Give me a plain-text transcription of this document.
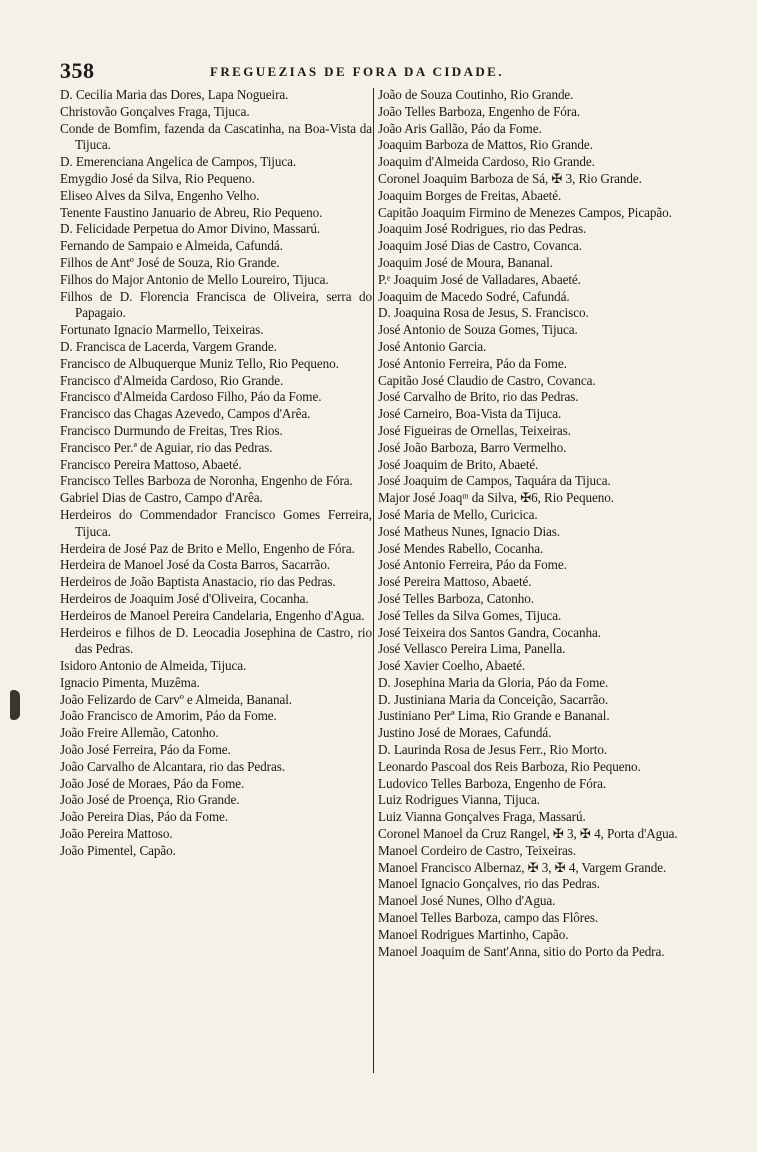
358	FREGUEZIAS DE FORA DA CIDADE.
D. Cecilia Maria das Dores, Lapa Nogueira.
Christovão Gonçalves Fraga, Tijuca.
Conde de Bomfim, fazenda da Cascatinha, na Boa-Vista da Tijuca.
D. Emerenciana Angelica de Campos, Tijuca.
Emygdio José da Silva, Rio Pequeno.
Eliseo Alves da Silva, Engenho Velho.
Tenente Faustino Januario de Abreu, Rio Pequeno.
D. Felicidade Perpetua do Amor Divino, Massarú.
Fernando de Sampaio e Almeida, Cafundá.
Filhos de Antº José de Souza, Rio Grande.
Filhos do Major Antonio de Mello Loureiro, Tijuca.
Filhos de D. Florencia Francisca de Oliveira, serra do Papagaio.
Fortunato Ignacio Marmello, Teixeiras.
D. Francisca de Lacerda, Vargem Grande.
Francisco de Albuquerque Muniz Tello, Rio Pequeno.
Francisco d'Almeida Cardoso, Rio Grande.
Francisco d'Almeida Cardoso Filho, Páo da Fome.
Francisco das Chagas Azevedo, Campos d'Arêa.
Francisco Durmundo de Freitas, Tres Rios.
Francisco Per.ª de Aguiar, rio das Pedras.
Francisco Pereira Mattoso, Abaeté.
Francisco Telles Barboza de Noronha, Engenho de Fóra.
Gabriel Dias de Castro, Campo d'Arêa.
Herdeiros do Commendador Francisco Gomes Ferreira, Tijuca.
Herdeira de José Paz de Brito e Mello, Engenho de Fóra.
Herdeira de Manoel José da Costa Barros, Sacarrão.
Herdeiros de João Baptista Anastacio, rio das Pedras.
Herdeiros de Joaquim José d'Oliveira, Cocanha.
Herdeiros de Manoel Pereira Candelaria, Engenho d'Agua.
Herdeiros e filhos de D. Leocadia Josephina de Castro, rio das Pedras.
Isidoro Antonio de Almeida, Tijuca.
Ignacio Pimenta, Muzêma.
João Felizardo de Carvº e Almeida, Bananal.
João Francisco de Amorim, Páo da Fome.
João Freire Allemão, Catonho.
João José Ferreira, Páo da Fome.
João Carvalho de Alcantara, rio das Pedras.
João José de Moraes, Páo da Fome.
João José de Proença, Rio Grande.
João Pereira Dias, Páo da Fome.
João Pereira Mattoso.
João Pimentel, Capão.
João de Souza Coutinho, Rio Grande.
João Telles Barboza, Engenho de Fóra.
João Aris Gallão, Páo da Fome.
Joaquim Barboza de Mattos, Rio Grande.
Joaquim d'Almeida Cardoso, Rio Grande.
Coronel Joaquim Barboza de Sá, ✠ 3, Rio Grande.
Joaquim Borges de Freitas, Abaeté.
Capitão Joaquim Firmino de Menezes Campos, Picapão.
Joaquim José Rodrigues, rio das Pedras.
Joaquim José Dias de Castro, Covanca.
Joaquim José de Moura, Bananal.
P.ᵉ Joaquim José de Valladares, Abaeté.
Joaquim de Macedo Sodré, Cafundá.
D. Joaquina Rosa de Jesus, S. Francisco.
José Antonio de Souza Gomes, Tijuca.
José Antonio Garcia.
José Antonio Ferreira, Páo da Fome.
Capitão José Claudio de Castro, Covanca.
José Carvalho de Brito, rio das Pedras.
José Carneiro, Boa-Vista da Tijuca.
José Figueiras de Ornellas, Teixeiras.
José João Barboza, Barro Vermelho.
José Joaquim de Brito, Abaeté.
José Joaquim de Campos, Taquára da Tijuca.
Major José Joaqᵐ da Silva, ✠6, Rio Pequeno.
José Maria de Mello, Curicica.
José Matheus Nunes, Ignacio Dias.
José Mendes Rabello, Cocanha.
José Antonio Ferreira, Páo da Fome.
José Pereira Mattoso, Abaeté.
José Telles Barboza, Catonho.
José Telles da Silva Gomes, Tijuca.
José Teixeira dos Santos Gandra, Cocanha.
José Vellasco Pereira Lima, Panella.
José Xavier Coelho, Abaeté.
D. Josephina Maria da Gloria, Páo da Fome.
D. Justiniana Maria da Conceição, Sacarrão.
Justiniano Perª Lima, Rio Grande e Bananal.
Justino José de Moraes, Cafundá.
D. Laurinda Rosa de Jesus Ferr., Rio Morto.
Leonardo Pascoal dos Reis Barboza, Rio Pequeno.
Ludovico Telles Barboza, Engenho de Fóra.
Luiz Rodrigues Vianna, Tijuca.
Luiz Vianna Gonçalves Fraga, Massarú.
Coronel Manoel da Cruz Rangel, ✠ 3, ✠ 4, Porta d'Agua.
Manoel Cordeiro de Castro, Teixeiras.
Manoel Francisco Albernaz, ✠ 3, ✠ 4, Vargem Grande.
Manoel Ignacio Gonçalves, rio das Pedras.
Manoel José Nunes, Olho d'Agua.
Manoel Telles Barboza, campo das Flôres.
Manoel Rodrigues Martinho, Capão.
Manoel Joaquim de Sant'Anna, sitio do Porto da Pedra.
